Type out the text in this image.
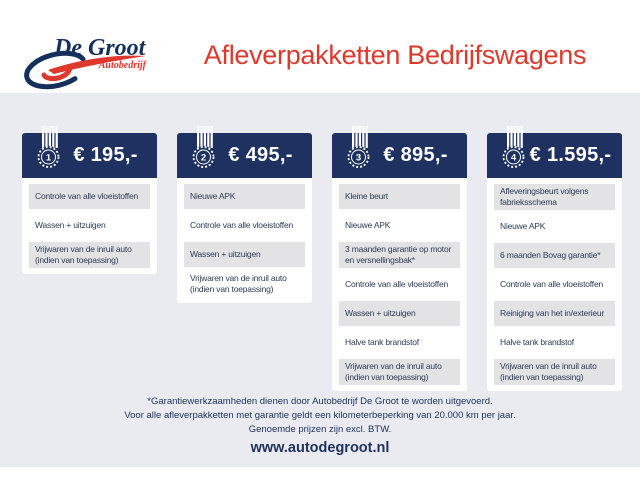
De Groot
Autobedrijf	Afleverpakketten Bedrijfswagens
1	€ 195,-
Controle van alle vloeistoffen
Wassen + uitzuigen
Vrijwaren van de inruil auto (indien van toepassing)
2	€ 495,-
Nieuwe APK
Controle van alle vloeistoffen
Wassen + uitzuigen
Vrijwaren van de inruil auto (indien van toepassing)
3	€ 895,-
Kleine beurt
Nieuwe APK
3 maanden garantie op motor en versnellingsbak*
Controle van alle vloeistoffen
Wassen + uitzuigen
Halve tank brandstof
Vrijwaren van de inruil auto (indien van toepassing)
4 € 1.595,-
Afleveringsbeurt volgens fabrieksschema
Nieuwe APK
6 maanden Bovag garantie*
Controle van alle vloeistoffen
Reiniging van het in/exterieur
Halve tank brandstof
Vrijwaren van de inruil auto (indien van toepassing)
*Garantiewerkzaamheden dienen door Autobedrijf De Groot te worden uitgevoerd.
Voor alle afleverpakketten met garantie geldt een kilometerbeperking van 20.000 km per jaar.
Genoemde prijzen zijn excl. BTW.
www.autodegroot.nl
